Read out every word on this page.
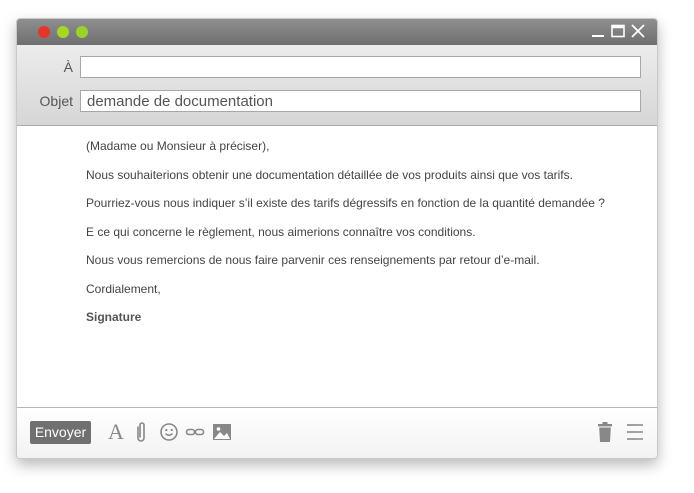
À
Objet demande de documentation
(Madame ou Monsieur à préciser),
Nous souhaiterions obtenir une documentation détaillée de vos produits ainsi que vos tarifs.
Pourriez-vous nous indiquer s’il existe des tarifs dégressifs en fonction de la quantité demandée ?
E ce qui concerne le règlement, nous aimerions connaître vos conditions.
Nous vous remercions de nous faire parvenir ces renseignements par retour d’e-mail.
Cordialement,
Signature
Envoyer A
